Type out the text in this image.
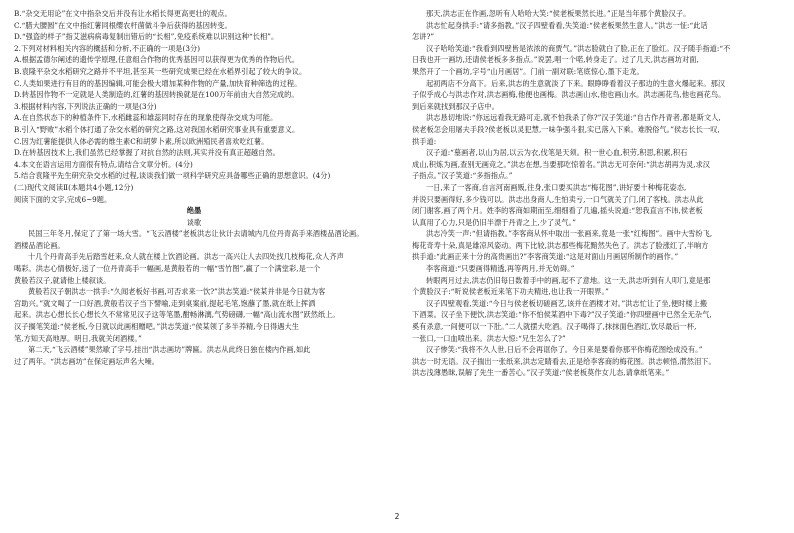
B.“杂交无用论”在文中指杂交后并没有让水稻长得更高更壮的观点。
C.“腊大腰圆”在文中指红薯同根缨农杆菌做斗争后获得的基因转变。
D.“强盗的样子”指艾滋病病毒复制出错后的“长相”,免疫系统难以识别这种“长相”。
2.下列对材料相关内容的概括和分析,不正确的一项是(3分)
A.根据孟德尔阐述的遗传学原理,任意组合作物的优秀基因可以获得更为优秀的作物后代。
B.袁隆平杂交水稻研究之路并不平坦,甚至其一些研究成果已经在水稻界引起了较大的争议。
C.人类如果进行有目的的基因编辑,可能会极大增加某种作物的产量,加快育种筛选的过程。
D.转基因作物不一定就是人类制造的,红薯的基因转换就是在100万年前由大自然完成的。
3.根据材料内容,下列说法正确的一项是(3分)
A.在自然状态下的种植条件下,水稻雌蕊和雄蕊同时存在的现象使得杂交成为可能。
B.引入“野败”水稻个体打通了杂交水稻的研究之路,这对我国水稻研究事业具有重要意义。
C.因为红薯能提供人体必需的维生素C和胡萝卜素,所以欧洲殖民者喜欢吃红薯。
D.在转基因技术上,我们虽然已经掌握了对抗自然的法则,其实并没有真正超越自然。
4.本文在语言运用方面很有特点,请结合文章分析。(4分)
5.结合袁隆平先生研究杂交水稻的过程,谈谈我们做一项科学研究应具备哪些正确的思想意识。(4分)
(二)现代文阅读Ⅱ(本题共4小题,12分)
阅读下面的文字,完成6~9题。
绝墨
谈歌
民国三年冬月,保定了了第一场大雪。“飞云酒楼”老板洪志让伙计去请城内几位丹青高手来酒楼品酒论画。
酒楼品酒论画。
十几个丹青高手先后踏雪赶来,众人就在楼上饮酒论画。洪志一高兴让人去四处找几枝梅花,众人齐声
喝彩。洪志心情极好,送了一位丹青高手一幅画,是黄般若的一幅“雪竹图”,赢了一个满堂彩,是一个
黄般若汉子,就请他上楼叙谈。
黄般若汉子朝洪志一拱手:“久闻老板好书画,可否求来一饮?”洪志笑道:“侯某并非是今日就为客
宫助兴。”就文喝了一口好酒,黄般若汉子当下譬喻,走到桌案前,提起毛笔,饱蘸了墨,就在纸上挥洒
起来。洪志心想长长心想长久不常常见汉子这等笔墨,酣畅淋漓,气势磅礴,一幅“高山流水图”跃然纸上。
汉子搁笔笑道:“侯老板,今日就以此画相赠吧。”洪志笑道:“侯某领了多半养精,今日得遇大生
笔,方知天高地厚。明日,我就关闭酒楼。”
第二天,“飞云酒楼”果然歇了字号,挂出“洪志画坊”牌匾。洪志从此终日独在楼内作画,如此
过了两年。“洪志画坊”在保定画坛声名大噪。
那天,洪志正在作画,忽听有人哈哈大笑:“侯老板果然长进。”正是当年那个黄脸汉子。
洪志忙起身拱手:“请多指教。”汉子四壁看看,失笑道:“侯老板果然生意人。”洪志一怔:“此话
怎讲?”
汉子哈哈笑道:“我看到四壁皆是浓浓的商贾气。”洪志脸就白了脸,正在了脸红。汉子随手指道:“不
日我也开一画坊,还请侯老板多多指点。”说罢,唱一个喏,转身走了。过了几天,洪志画坊对面,
果然开了一个画坊,字号“山月画居”。门前一副对联:笔底惊心,墨下走龙。
起初两店不分高下。后来,洪志的生意就淡了下来。眼睁睁看着汉子那边的生意火爆起来。那汉
子似乎成心与洪志作对,洪志画梅,他便也画梅。洪志画山水,他也画山水。洪志画花鸟,他也画花鸟。
到后来就找到那汉子店中。
洪志恳切地说:“你远远看我无路可走,就不怕我杀了你?”汉子笑道:“自古作丹青者,都是斯文人,
侯老板怎会用屠夫手段?侯老板以灵犯慧,一味争强斗狠,实已落入下乘。难脱俗气。”侯志长长一叹,
拱手道:
汉子道:“墓画者,以山为居,以云为衣,伐笔是天须。积一世心血,积劳,积思,积累,积石
成山,积炼为画,查别无画竞之。”洪志在想,当要那吃惊着名。”洪志无可奈何:“洪志胡再为灵,求汉
子指点。”汉子笑道:“多指指点。”
一日,来了一客商,自言河南画贩,往身,张口要买洪志“梅花图”,讲好要十种梅花姿态,
并说只要画得好,多少钱可以。洪志出身商人,生怕卖亏,一口气就关了门,闭了客栈。洪志从此
闭门谢客,画了两个月。姓李的客商如期而至,细细看了几遍,摇头说道:“恕我直言不讳,侯老板
认真用了心力,只是仍旧半漂于丹青之上,少了灵气。”
洪志冷笑一声:“但请指教。”李客商从怀中取出一张画来,竟是一张“红梅图”。画中大雪纷飞,
梅花奇寿十朵,真是雄凉风姿动。两下比较,洪志那些梅花黯然失色了。洪志了脸涨红了,半晌方
拱手道:“此画正来十分的高贵画出?”李客商笑道:“这是对面山月画居所制作的画作。”
李客商道:“只要画得精透,再等两月,并无妨碍。”
转眼两月过去,洪志仍旧每日数着手中的画,起不了意地。这一天,洪志听到有人叩门,竟是那
个黄脸汉子:“听说侯老板近来笔下功夫精进,也让我一开眼界。”
汉子四壁观看,笑道:“今日与侯老板切磋画艺,该并在酒楼才对。”洪志忙让了坐,便时楼上搬
下酒菜。汉子坐下便饮,洪志笑道:“你不怕侯某酒中下毒?”汉子笑道:“你四壁画中已然全无杂气,
奚有杀意,一间便可以一下肚。”二人就摆大吃酒。汉子喝得了,抹抹面色酒红,饮尽最后一杯,
一张口,一口血喷出来。洪志大惊:“兄生怎么了?”
汉子惨笑:“我将不久人世,日后不会再诓你了。今日来是要看你那平你梅花图绘成没有。”
洪志一时无语。汉子揣出一张纸来,洪志定睛看去,正是给李客商的梅花图。洪志顿悟,潸然泪下。
洪志浅薄愚昧,误解了先生一番苦心。”汉子笑道:“侯老板莫作女儿态,请拿纸笔来。”
2
